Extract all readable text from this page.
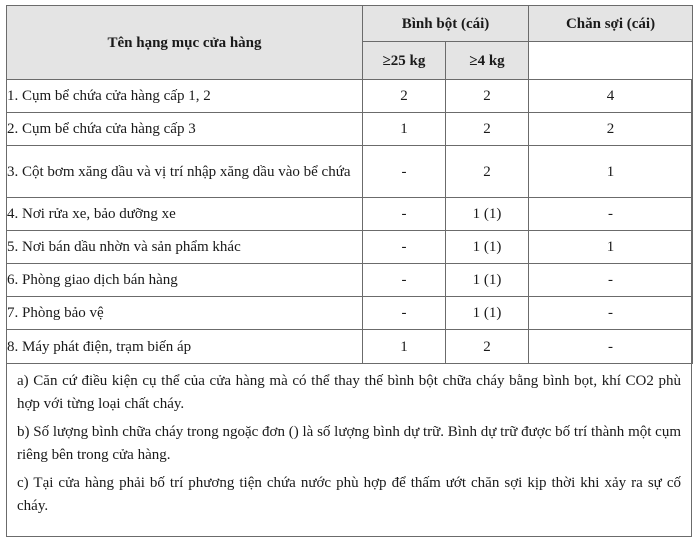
Tên hạng mục cửa hàng	Bình bột (cái)		Chăn sợi (cái)
	≥25 kg	≥4 kg	
1. Cụm bể chứa cửa hàng cấp 1, 2	2	2	4
2. Cụm bể chứa cửa hàng cấp 3	1	2	2
3. Cột bơm xăng dầu và vị trí nhập xăng dầu vào bể chứa	-	2	1
4. Nơi rửa xe, bảo dưỡng xe	-	1 (1)	-
5. Nơi bán dầu nhờn và sản phẩm khác	-	1 (1)	1
6. Phòng giao dịch bán hàng	-	1 (1)	-
7. Phòng bảo vệ	-	1 (1)	-
8. Máy phát điện, trạm biến áp	1	2	-

a) Căn cứ điều kiện cụ thể của cửa hàng mà có thể thay thế bình bột chữa cháy bằng bình bọt, khí CO2 phù hợp với từng loại chất cháy.

b) Số lượng bình chữa cháy trong ngoặc đơn () là số lượng bình dự trữ. Bình dự trữ được bố trí thành một cụm riêng bên trong cửa hàng.

c) Tại cửa hàng phải bố trí phương tiện chứa nước phù hợp để thấm ướt chăn sợi kịp thời khi xảy ra sự cố cháy.
